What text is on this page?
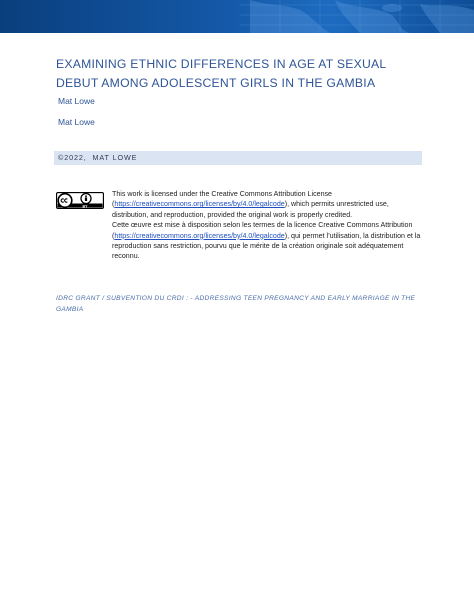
EXAMINING ETHNIC DIFFERENCES IN AGE AT SEXUAL DEBUT AMONG ADOLESCENT GIRLS IN THE GAMBIA
Mat Lowe
Mat Lowe
©2022,  MAT LOWE
BY

This work is licensed under the Creative Commons Attribution License (https://creativecommons.org/licenses/by/4.0/legalcode), which permits unrestricted use, distribution, and reproduction, provided the original work is properly credited.

Cette œuvre est mise à disposition selon les termes de la licence Creative Commons Attribution (https://creativecommons.org/licenses/by/4.0/legalcode), qui permet l’utilisation, la distribution et la reproduction sans restriction, pourvu que le mérite de la création originale soit adéquatement reconnu.

IDRC GRANT / SUBVENTION DU CRDI : - ADDRESSING TEEN PREGNANCY AND EARLY MARRIAGE IN THE GAMBIA
